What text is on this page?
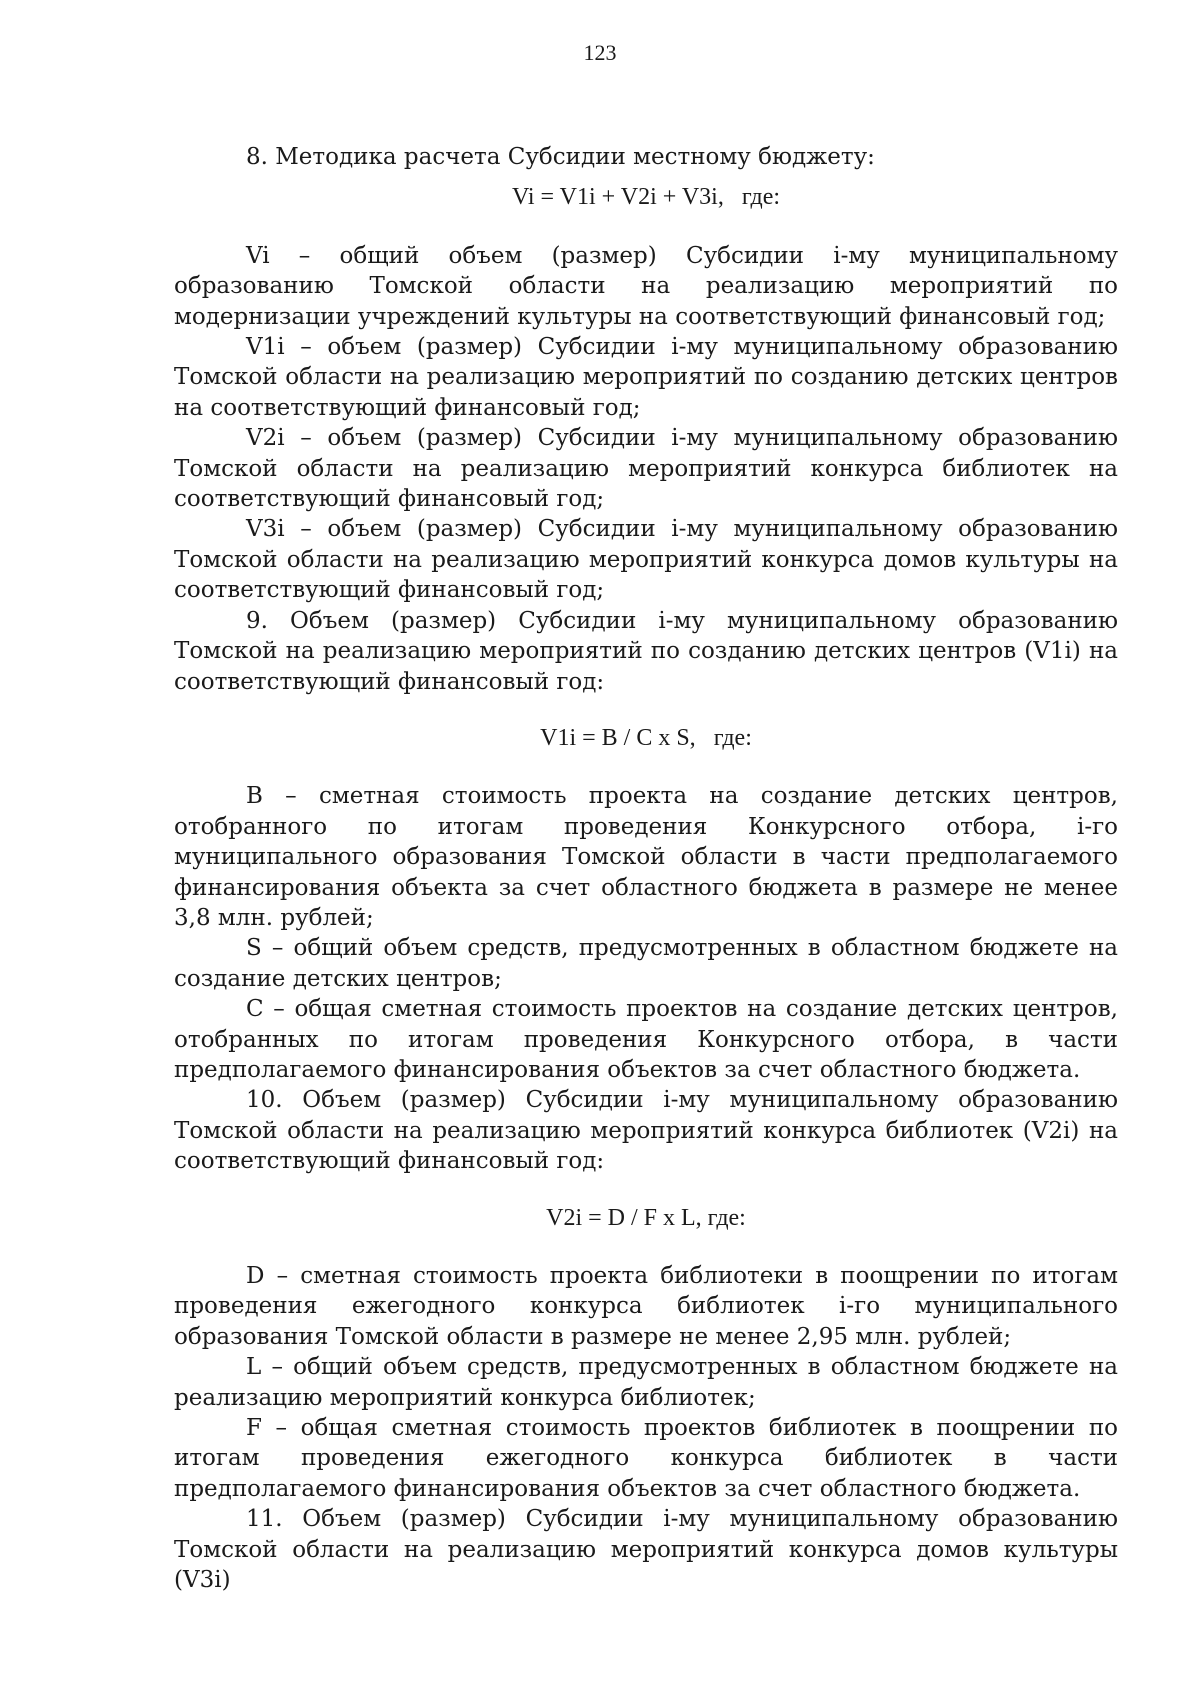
123

8. Методика расчета Субсидии местному бюджету:

Vi = V1i + V2i + V3i, где:

Vi – общий объем (размер) Субсидии i-му муниципальному образованию Томской области на реализацию мероприятий по модернизации учреждений культуры на соответствующий финансовый год;

V1i – объем (размер) Субсидии i-му муниципальному образованию Томской области на реализацию мероприятий по созданию детских центров на соответствующий финансовый год;

V2i – объем (размер) Субсидии i-му муниципальному образованию Томской области на реализацию мероприятий конкурса библиотек на соответствующий финансовый год;

V3i – объем (размер) Субсидии i-му муниципальному образованию Томской области на реализацию мероприятий конкурса домов культуры на соответствующий финансовый год;

9. Объем (размер) Субсидии i-му муниципальному образованию Томской на реализацию мероприятий по созданию детских центров (V1i) на соответствующий финансовый год:

V1i = B / C x S, где:

B – сметная стоимость проекта на создание детских центров, отобранного по итогам проведения Конкурсного отбора, i-го муниципального образования Томской области в части предполагаемого финансирования объекта за счет областного бюджета в размере не менее 3,8 млн. рублей;

S – общий объем средств, предусмотренных в областном бюджете на создание детских центров;

C – общая сметная стоимость проектов на создание детских центров, отобранных по итогам проведения Конкурсного отбора, в части предполагаемого финансирования объектов за счет областного бюджета.

10. Объем (размер) Субсидии i-му муниципальному образованию Томской области на реализацию мероприятий конкурса библиотек (V2i) на соответствующий финансовый год:

V2i = D / F x L, где:

D – сметная стоимость проекта библиотеки в поощрении по итогам проведения ежегодного конкурса библиотек i-го муниципального образования Томской области в размере не менее 2,95 млн. рублей;

L – общий объем средств, предусмотренных в областном бюджете на реализацию мероприятий конкурса библиотек;

F – общая сметная стоимость проектов библиотек в поощрении по итогам проведения ежегодного конкурса библиотек в части предполагаемого финансирования объектов за счет областного бюджета.

11. Объем (размер) Субсидии i-му муниципальному образованию Томской области на реализацию мероприятий конкурса домов культуры (V3i)
